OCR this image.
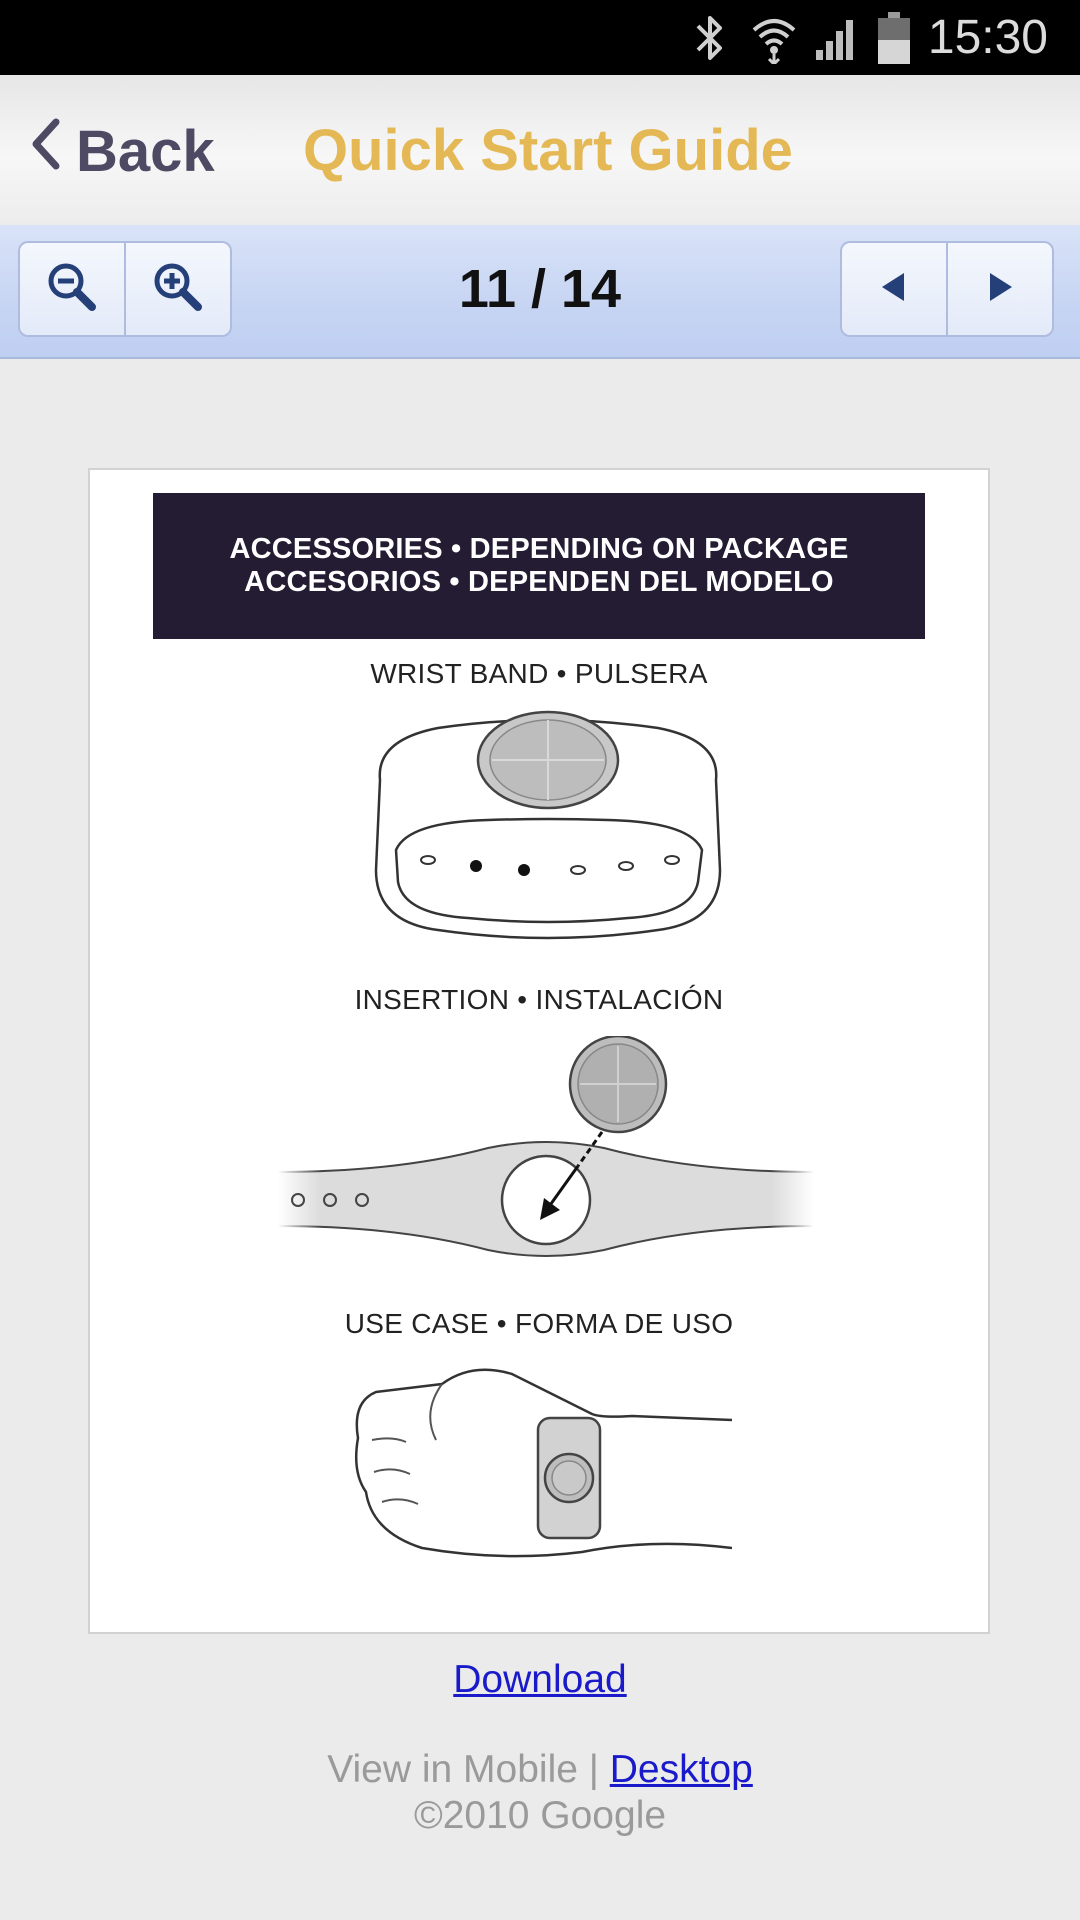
15:30
Back Quick Start Guide
11 / 14
ACCESSORIES • DEPENDING ON PACKAGE
ACCESORIOS • DEPENDEN DEL MODELO
WRIST BAND • PULSERA
INSERTION • INSTALACIÓN
USE CASE • FORMA DE USO
Download
View in Mobile | Desktop
©2010 Google
